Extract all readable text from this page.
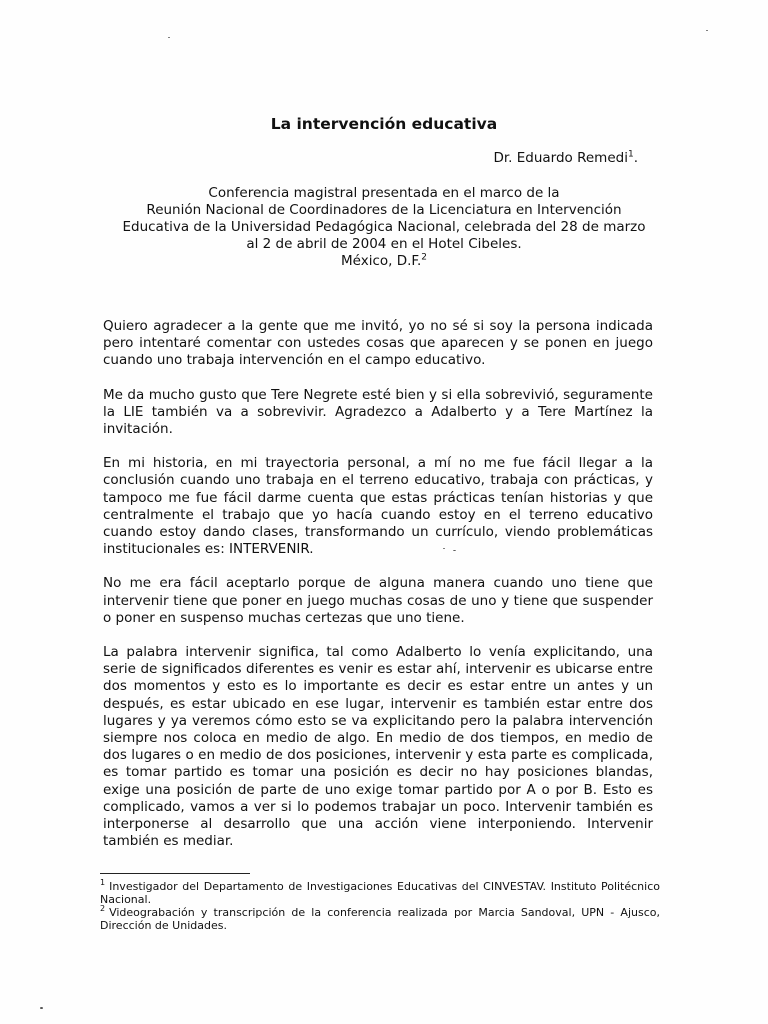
La intervención educativa
Dr. Eduardo Remedi$^1$.
Conferencia magistral presentada en el marco de la
Reunión Nacional de Coordinadores de la Licenciatura en Intervención
Educativa de la Universidad Pedagógica Nacional, celebrada del 28 de marzo
al 2 de abril de 2004 en el Hotel Cibeles.
México, D.F.$^2$

Quiero agradecer a la gente que me invitó, yo no sé si soy la persona indicada pero intentaré comentar con ustedes cosas que aparecen y se ponen en juego cuando uno trabaja intervención en el campo educativo.

Me da mucho gusto que Tere Negrete esté bien y si ella sobrevivió, seguramente la LIE también va a sobrevivir. Agradezco a Adalberto y a Tere Martínez la invitación.

En mi historia, en mi trayectoria personal, a mí no me fue fácil llegar a la conclusión cuando uno trabaja en el terreno educativo, trabaja con prácticas, y tampoco me fue fácil darme cuenta que estas prácticas tenían historias y que centralmente el trabajo que yo hacía cuando estoy en el terreno educativo cuando estoy dando clases, transformando un currículo, viendo problemáticas institucionales es: INTERVENIR.

No me era fácil aceptarlo porque de alguna manera cuando uno tiene que intervenir tiene que poner en juego muchas cosas de uno y tiene que suspender o poner en suspenso muchas certezas que uno tiene.

La palabra intervenir significa, tal como Adalberto lo venía explicitando, una serie de significados diferentes es venir es estar ahí, intervenir es ubicarse entre dos momentos y esto es lo importante es decir es estar entre un antes y un después, es estar ubicado en ese lugar, intervenir es también estar entre dos lugares y ya veremos cómo esto se va explicitando pero la palabra intervención siempre nos coloca en medio de algo. En medio de dos tiempos, en medio de dos lugares o en medio de dos posiciones, intervenir y esta parte es complicada, es tomar partido es tomar una posición es decir no hay posiciones blandas, exige una posición de parte de uno exige tomar partido por A o por B. Esto es complicado, vamos a ver si lo podemos trabajar un poco. Intervenir también es interponerse al desarrollo que una acción viene interponiendo. Intervenir también es mediar.

$^1$ Investigador del Departamento de Investigaciones Educativas del CINVESTAV. Instituto Politécnico Nacional.

$^2$ Videograbación y transcripción de la conferencia realizada por Marcia Sandoval, UPN - Ajusco, Dirección de Unidades.
